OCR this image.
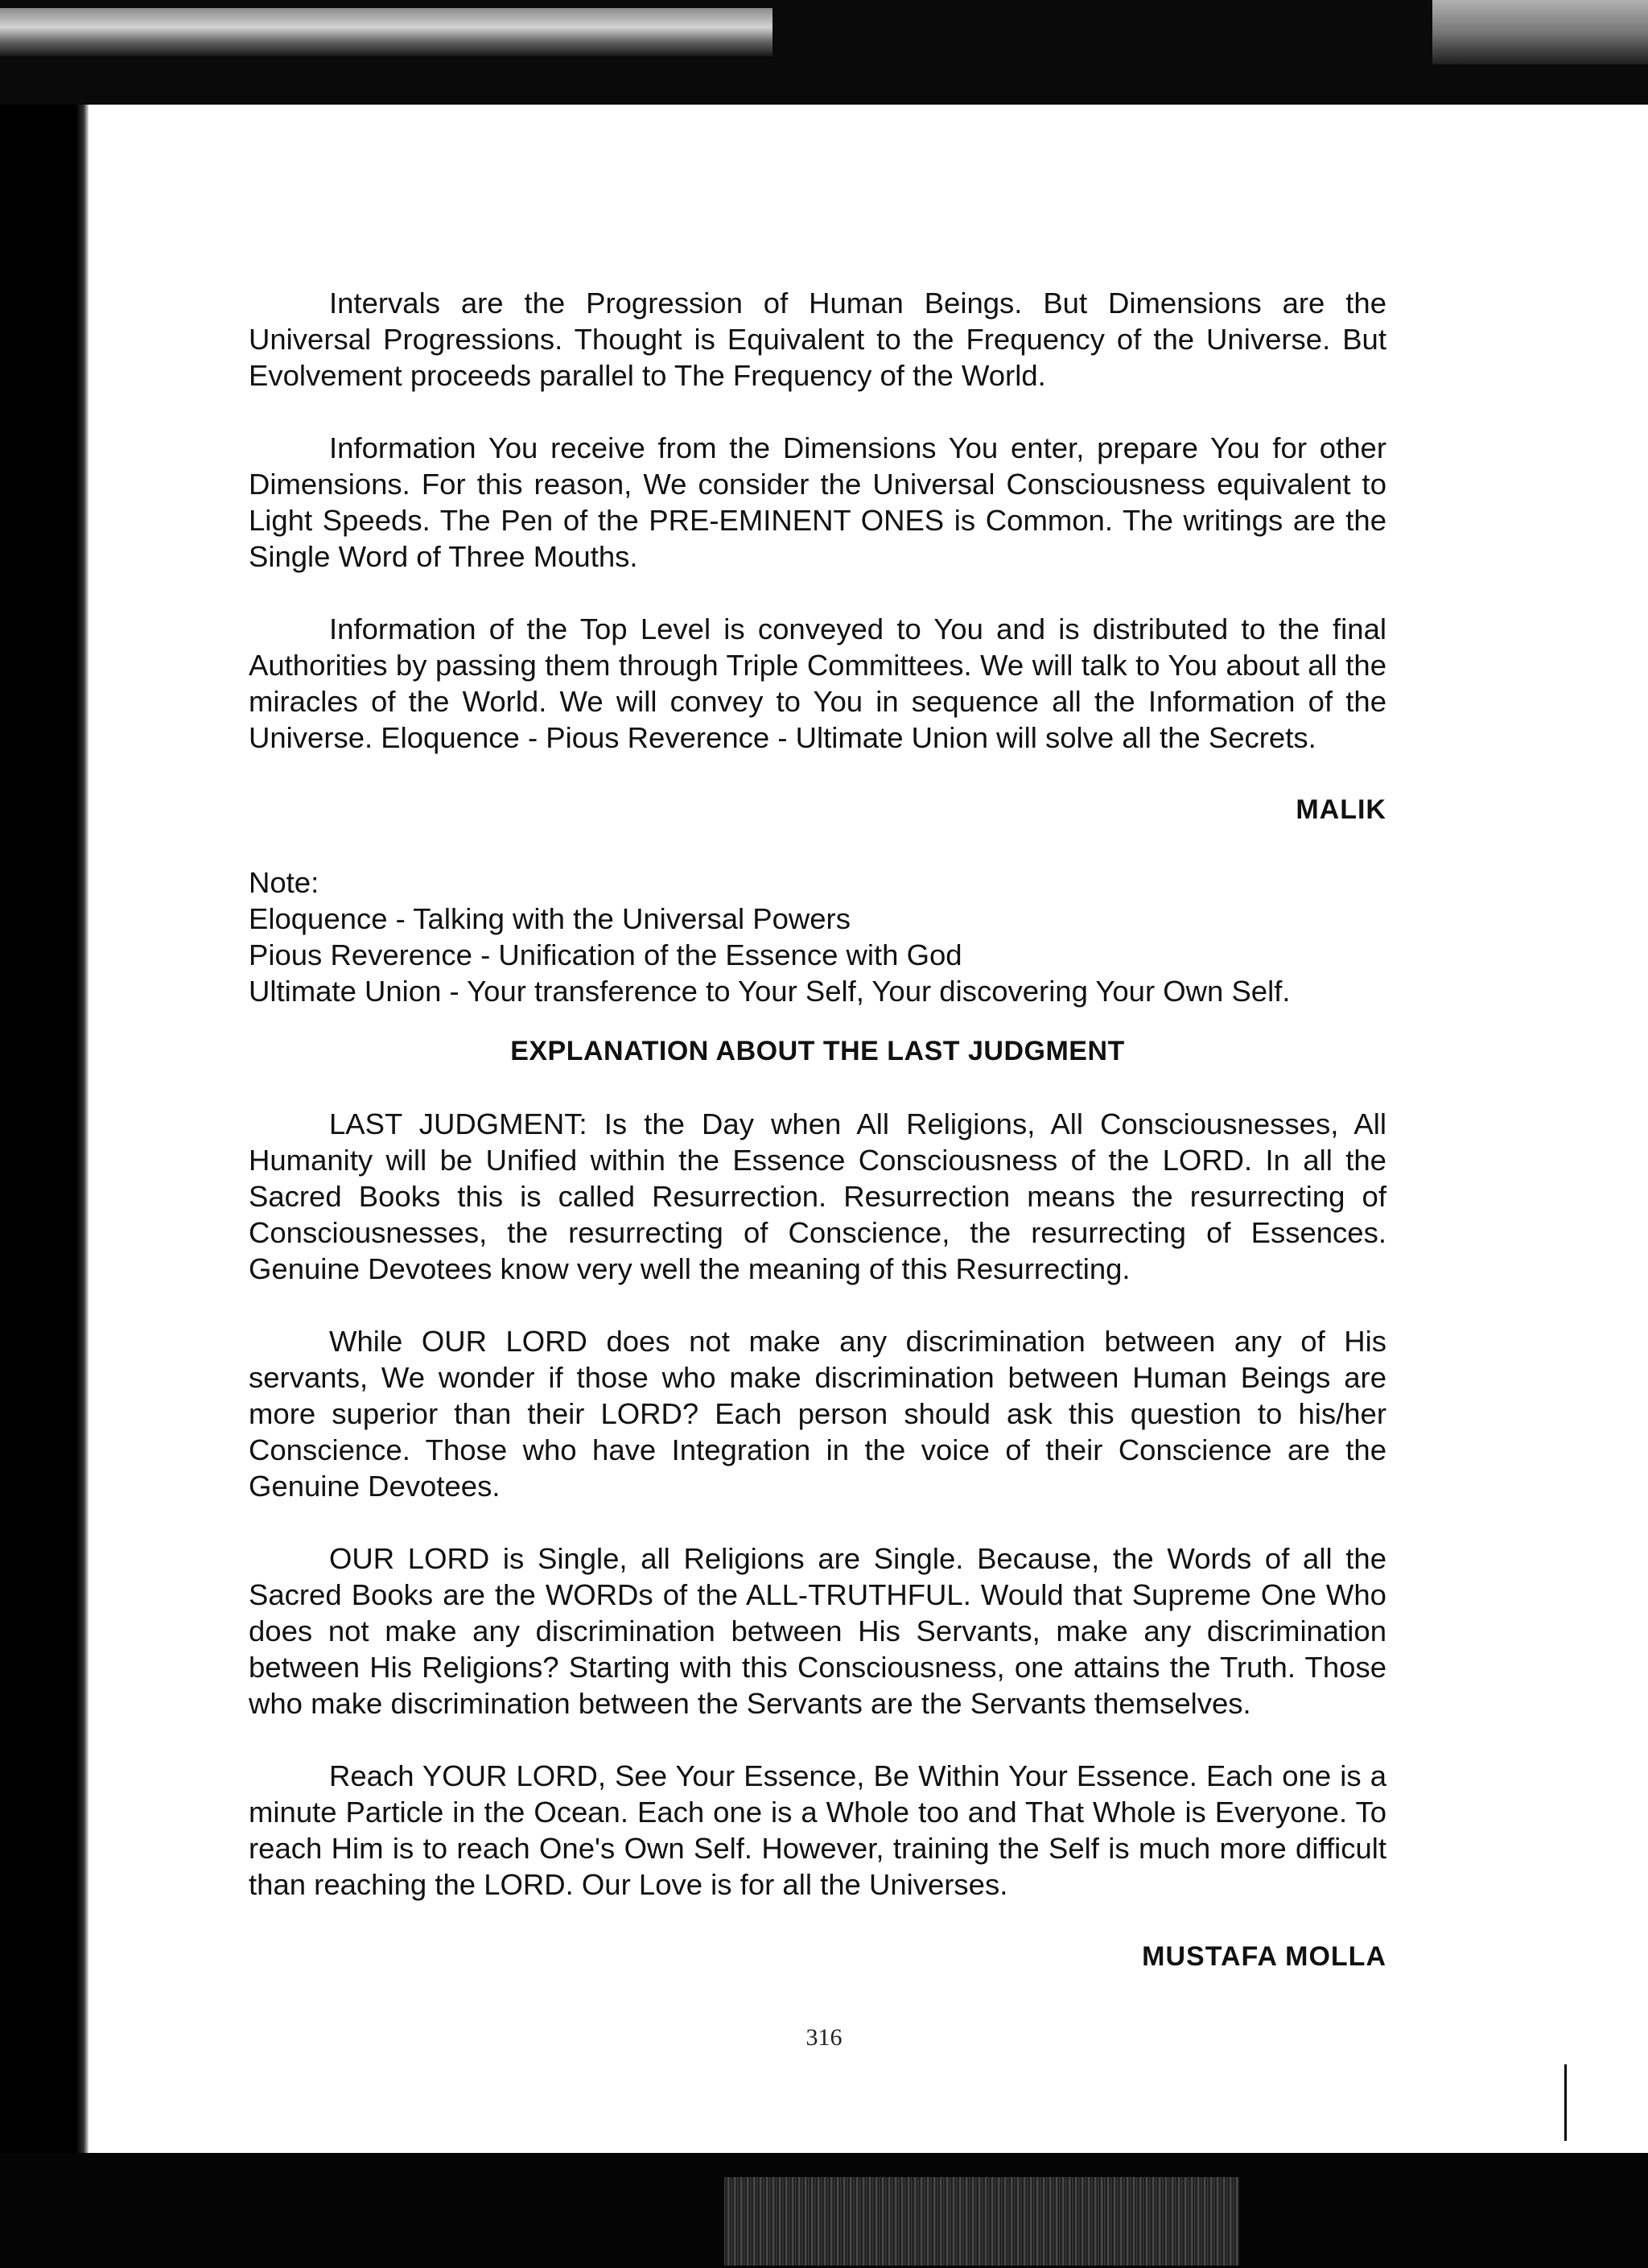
Intervals are the Progression of Human Beings. But Dimensions are the Universal Progressions. Thought is Equivalent to the Frequency of the Universe. But Evolvement proceeds parallel to The Frequency of the World.

Information You receive from the Dimensions You enter, prepare You for other Dimensions. For this reason, We consider the Universal Consciousness equivalent to Light Speeds. The Pen of the PRE-EMINENT ONES is Common. The writings are the Single Word of Three Mouths.

Information of the Top Level is conveyed to You and is distributed to the final Authorities by passing them through Triple Committees. We will talk to You about all the miracles of the World. We will convey to You in sequence all the Information of the Universe. Eloquence - Pious Reverence - Ultimate Union will solve all the Secrets.

MALIK
Note:
Eloquence - Talking with the Universal Powers
Pious Reverence - Unification of the Essence with God
Ultimate Union - Your transference to Your Self, Your discovering Your Own Self.
EXPLANATION ABOUT THE LAST JUDGMENT

LAST JUDGMENT: Is the Day when All Religions, All Consciousnesses, All Humanity will be Unified within the Essence Consciousness of the LORD. In all the Sacred Books this is called Resurrection. Resurrection means the resurrecting of Consciousnesses, the resurrecting of Conscience, the resurrecting of Essences. Genuine Devotees know very well the meaning of this Resurrecting.

While OUR LORD does not make any discrimination between any of His servants, We wonder if those who make discrimination between Human Beings are more superior than their LORD? Each person should ask this question to his/her Conscience. Those who have Integration in the voice of their Conscience are the Genuine Devotees.

OUR LORD is Single, all Religions are Single. Because, the Words of all the Sacred Books are the WORDs of the ALL-TRUTHFUL. Would that Supreme One Who does not make any discrimination between His Servants, make any discrimination between His Religions? Starting with this Consciousness, one attains the Truth. Those who make discrimination between the Servants are the Servants themselves.

Reach YOUR LORD, See Your Essence, Be Within Your Essence. Each one is a minute Particle in the Ocean. Each one is a Whole too and That Whole is Everyone. To reach Him is to reach One's Own Self. However, training the Self is much more difficult than reaching the LORD. Our Love is for all the Universes.

MUSTAFA MOLLA
316
